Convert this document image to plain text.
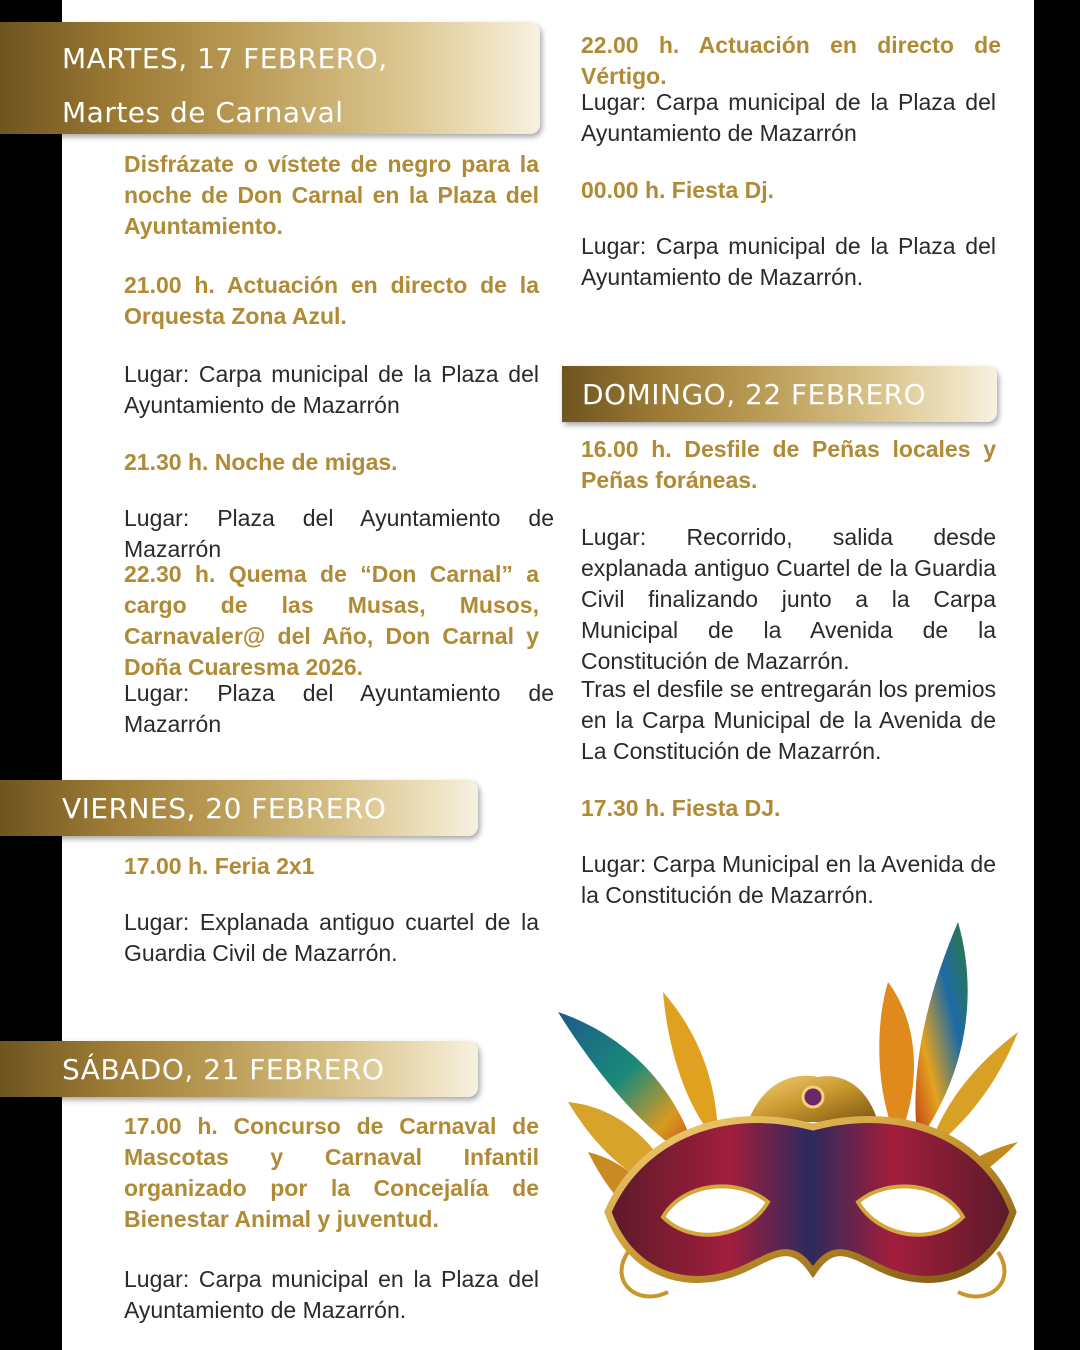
MARTES, 17 FEBRERO,
Martes de Carnaval
Disfrázate o vístete de negro para la noche de Don Carnal en la Plaza del Ayuntamiento.
21.00 h. Actuación en directo de la Orquesta Zona Azul.
Lugar: Carpa municipal de la Plaza del Ayuntamiento de Mazarrón
21.30 h. Noche de migas.
Lugar: Plaza del Ayuntamiento de Mazarrón
22.30 h. Quema de “Don Carnal” a cargo de las Musas, Musos, Carnavaler@ del Año, Don Carnal y Doña Cuaresma 2026.
Lugar: Plaza del Ayuntamiento de Mazarrón
VIERNES, 20 FEBRERO
17.00 h. Feria 2x1
Lugar: Explanada antiguo cuartel de la Guardia Civil de Mazarrón.
SÁBADO, 21 FEBRERO
17.00 h. Concurso de Carnaval de Mascotas y Carnaval Infantil organizado por la Concejalía de Bienestar Animal y juventud.
Lugar: Carpa municipal en la Plaza del Ayuntamiento de Mazarrón.
22.00 h. Actuación en directo de Vértigo.
Lugar: Carpa municipal de la Plaza del Ayuntamiento de Mazarrón
00.00 h. Fiesta Dj.
Lugar: Carpa municipal de la Plaza del Ayuntamiento de Mazarrón.
DOMINGO, 22 FEBRERO
16.00 h. Desfile de Peñas locales y Peñas foráneas.
Lugar: Recorrido, salida desde explanada antiguo Cuartel de la Guardia Civil finalizando junto a la Carpa Municipal de la Avenida de la Constitución de Mazarrón.
Tras el desfile se entregarán los premios en la Carpa Municipal de la Avenida de La Constitución de Mazarrón.
17.30 h. Fiesta DJ.
Lugar: Carpa Municipal en la Avenida de la Constitución de Mazarrón.
